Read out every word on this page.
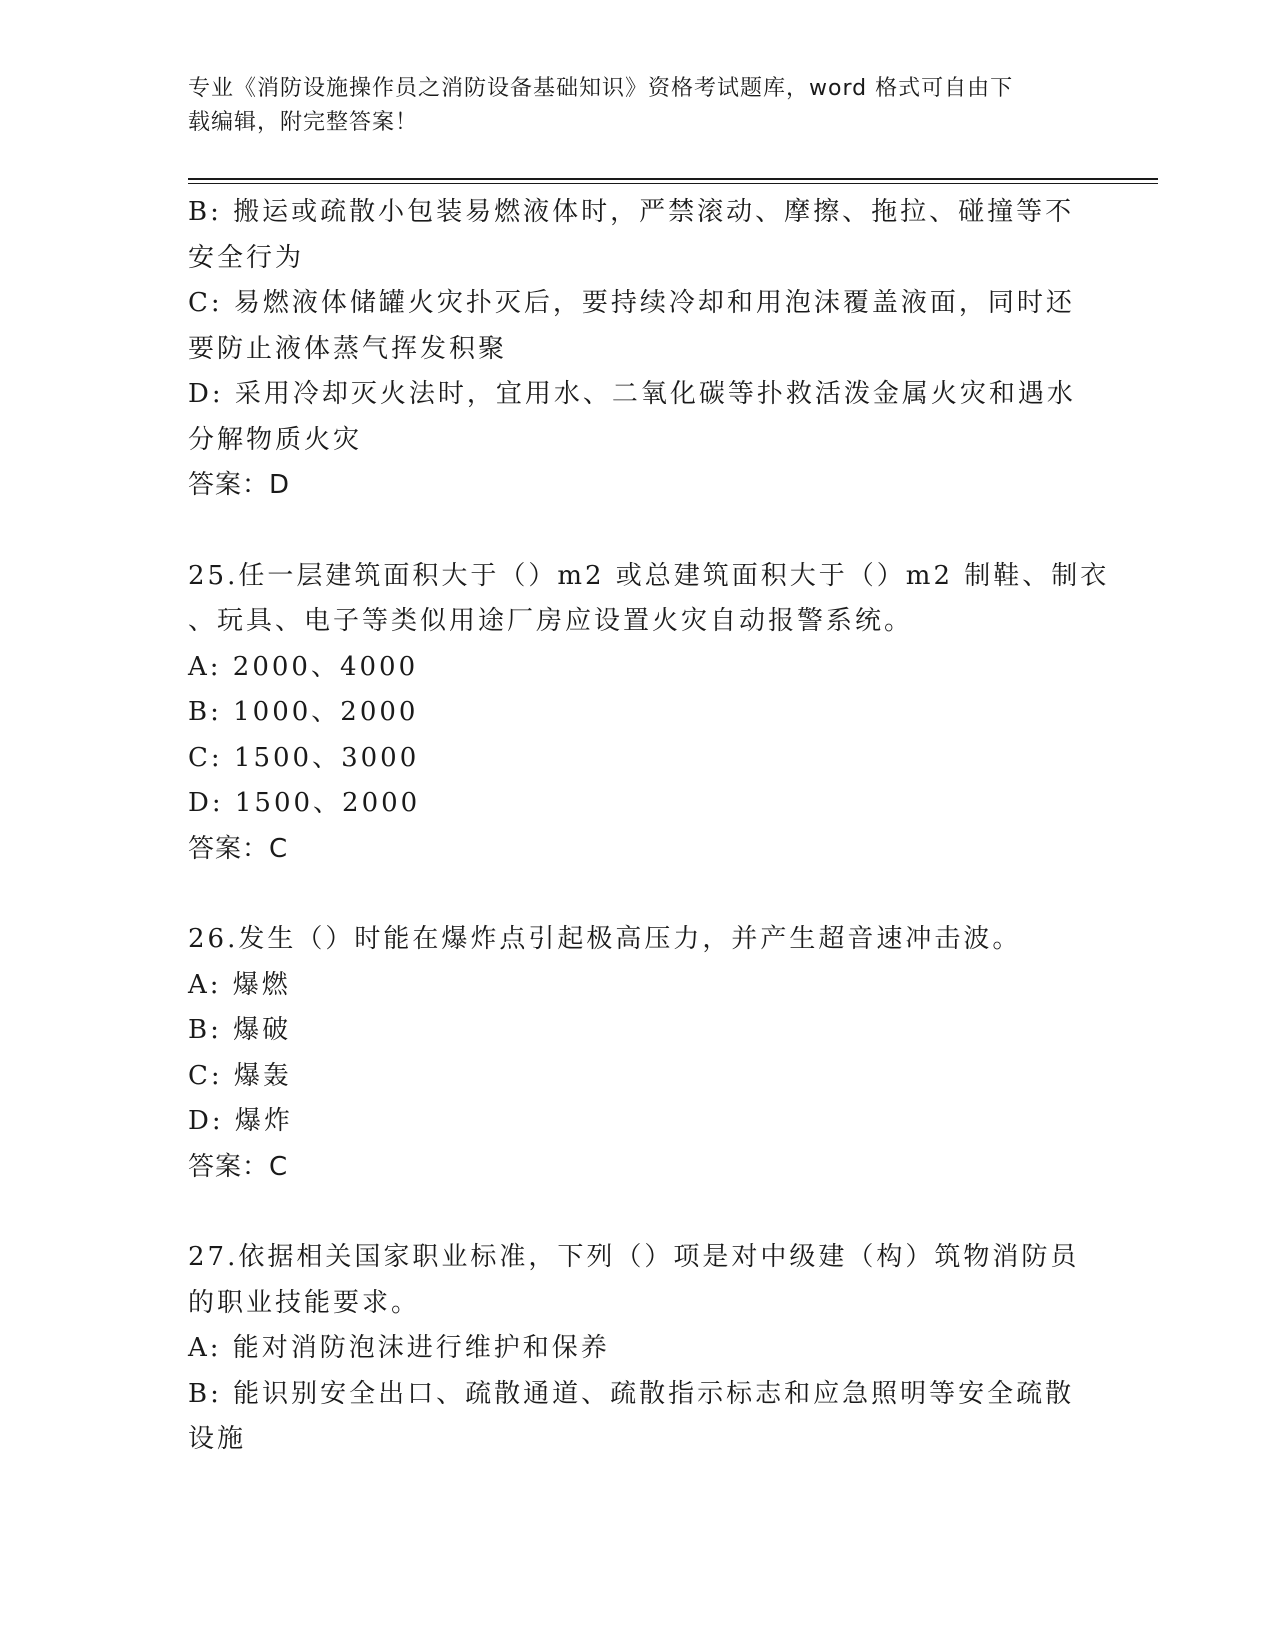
专业《消防设施操作员之消防设备基础知识》资格考试题库，word 格式可自由下
载编辑，附完整答案！

B: 搬运或疏散小包装易燃液体时，严禁滚动、摩擦、拖拉、碰撞等不

安全行为

C: 易燃液体储罐火灾扑灭后，要持续冷却和用泡沫覆盖液面，同时还

要防止液体蒸气挥发积聚

D: 采用冷却灭火法时，宜用水、二氧化碳等扑救活泼金属火灾和遇水

分解物质火灾

答案：D

25.任一层建筑面积大于（）m2 或总建筑面积大于（）m2 制鞋、制衣

、玩具、电子等类似用途厂房应设置火灾自动报警系统。

A: 2000、4000

B: 1000、2000

C: 1500、3000

D: 1500、2000

答案：C

26.发生（）时能在爆炸点引起极高压力，并产生超音速冲击波。

A: 爆燃

B: 爆破

C: 爆轰

D: 爆炸

答案：C

27.依据相关国家职业标准，下列（）项是对中级建（构）筑物消防员

的职业技能要求。

A: 能对消防泡沫进行维护和保养

B: 能识别安全出口、疏散通道、疏散指示标志和应急照明等安全疏散

设施
